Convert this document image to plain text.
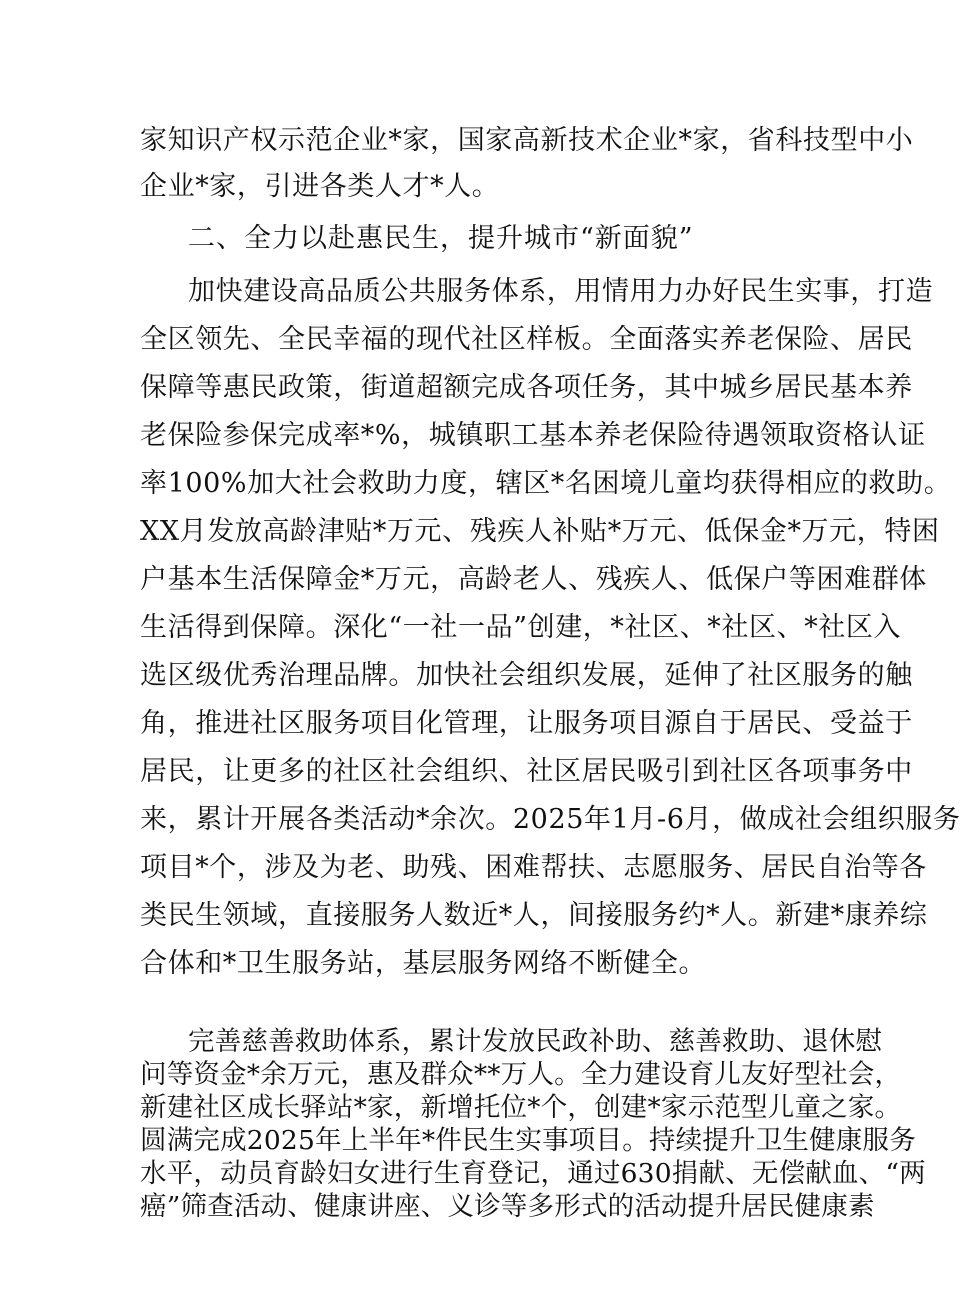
家知识产权示范企业*家，国家高新技术企业*家，省科技型中小
企业*家，引进各类人才*人。
二、全力以赴惠民生，提升城市“新面貌”
加快建设高品质公共服务体系，用情用力办好民生实事，打造
全区领先、全民幸福的现代社区样板。全面落实养老保险、居民
保障等惠民政策，街道超额完成各项任务，其中城乡居民基本养
老保险参保完成率*%，城镇职工基本养老保险待遇领取资格认证
率100%加大社会救助力度，辖区*名困境儿童均获得相应的救助。
XX月发放高龄津贴*万元、残疾人补贴*万元、低保金*万元，特困
户基本生活保障金*万元，高龄老人、残疾人、低保户等困难群体
生活得到保障。深化“一社一品”创建，*社区、*社区、*社区入
选区级优秀治理品牌。加快社会组织发展，延伸了社区服务的触
角，推进社区服务项目化管理，让服务项目源自于居民、受益于
居民，让更多的社区社会组织、社区居民吸引到社区各项事务中
来，累计开展各类活动*余次。2025年1月-6月，做成社会组织服务
项目*个，涉及为老、助残、困难帮扶、志愿服务、居民自治等各
类民生领域，直接服务人数近*人，间接服务约*人。新建*康养综
合体和*卫生服务站，基层服务网络不断健全。
完善慈善救助体系，累计发放民政补助、慈善救助、退休慰
问等资金*余万元，惠及群众**万人。全力建设育儿友好型社会，
新建社区成长驿站*家，新增托位*个，创建*家示范型儿童之家。
圆满完成2025年上半年*件民生实事项目。持续提升卫生健康服务
水平，动员育龄妇女进行生育登记，通过630捐献、无偿献血、“两
癌”筛查活动、健康讲座、义诊等多形式的活动提升居民健康素
